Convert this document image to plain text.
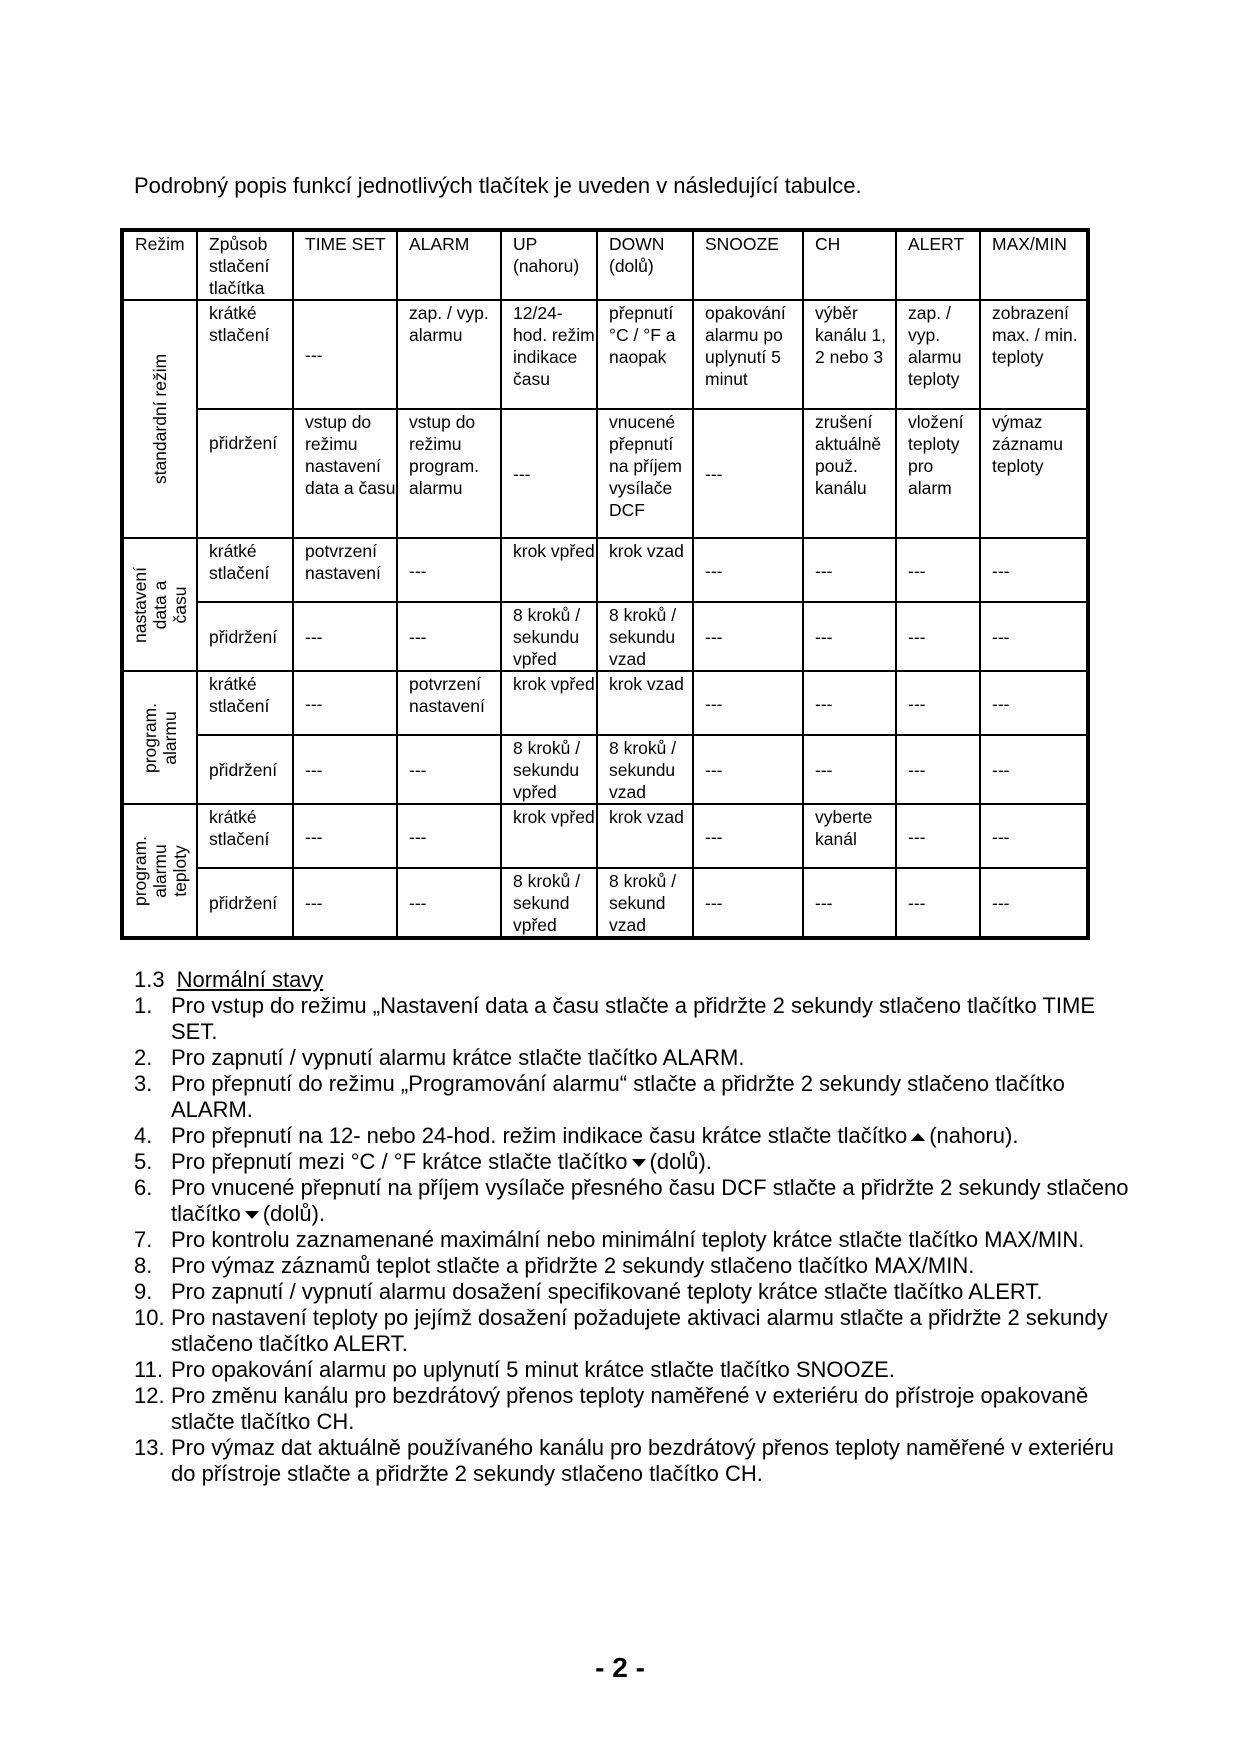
Podrobný popis funkcí jednotlivých tlačítek je uveden v následující tabulce.

Režim	Způsob stlačení tlačítka	TIME SET	ALARM	UP (nahoru)	DOWN (dolů)	SNOOZE	CH	ALERT	MAX/MIN

standardní režim	krátké stlačení	---	zap. / vyp. alarmu	12/24-hod. režim indikace času	přepnutí °C / °F a naopak	opakování alarmu po uplynutí 5 minut	výběr kanálu 1, 2 nebo 3	zap. / vyp. alarmu teploty	zobrazení max. / min. teploty
	přidržení	vstup do režimu nastavení data a času	vstup do režimu program. alarmu	---	vnucené přepnutí na příjem vysílače DCF	---	zrušení aktuálně použ. kanálu	vložení teploty pro alarm	výmaz záznamu teploty

nastavení data a času	krátké stlačení	potvrzení nastavení	---	krok vpřed	krok vzad	---	---	---	---
	přidržení	---	---	8 kroků / sekundu vpřed	8 kroků / sekundu vzad	---	---	---	---

program. alarmu	krátké stlačení	---	potvrzení nastavení	krok vpřed	krok vzad	---	---	---	---
	přidržení	---	---	8 kroků / sekundu vpřed	8 kroků / sekundu vzad	---	---	---	---

program. alarmu teploty	krátké stlačení	---	---	krok vpřed	krok vzad	---	vyberte kanál	---	---
	přidržení	---	---	8 kroků / sekund vpřed	8 kroků / sekund vzad	---	---	---	---

1.3 Normální stavy

1. Pro vstup do režimu „Nastavení data a času stlačte a přidržte 2 sekundy stlačeno tlačítko TIME SET.
2. Pro zapnutí / vypnutí alarmu krátce stlačte tlačítko ALARM.
3. Pro přepnutí do režimu „Programování alarmu“ stlačte a přidržte 2 sekundy stlačeno tlačítko ALARM.
4. Pro přepnutí na 12- nebo 24-hod. režim indikace času krátce stlačte tlačítko (nahoru).
5. Pro přepnutí mezi °C / °F krátce stlačte tlačítko (dolů).
6. Pro vnucené přepnutí na příjem vysílače přesného času DCF stlačte a přidržte 2 sekundy stlačeno tlačítko (dolů).
7. Pro kontrolu zaznamenané maximální nebo minimální teploty krátce stlačte tlačítko MAX/MIN.
8. Pro výmaz záznamů teplot stlačte a přidržte 2 sekundy stlačeno tlačítko MAX/MIN.
9. Pro zapnutí / vypnutí alarmu dosažení specifikované teploty krátce stlačte tlačítko ALERT.
10. Pro nastavení teploty po jejímž dosažení požadujete aktivaci alarmu stlačte a přidržte 2 sekundy stlačeno tlačítko ALERT.
11. Pro opakování alarmu po uplynutí 5 minut krátce stlačte tlačítko SNOOZE.
12. Pro změnu kanálu pro bezdrátový přenos teploty naměřené v exteriéru do přístroje opakovaně stlačte tlačítko CH.
13. Pro výmaz dat aktuálně používaného kanálu pro bezdrátový přenos teploty naměřené v exteriéru do přístroje stlačte a přidržte 2 sekundy stlačeno tlačítko CH.
- 2 -
